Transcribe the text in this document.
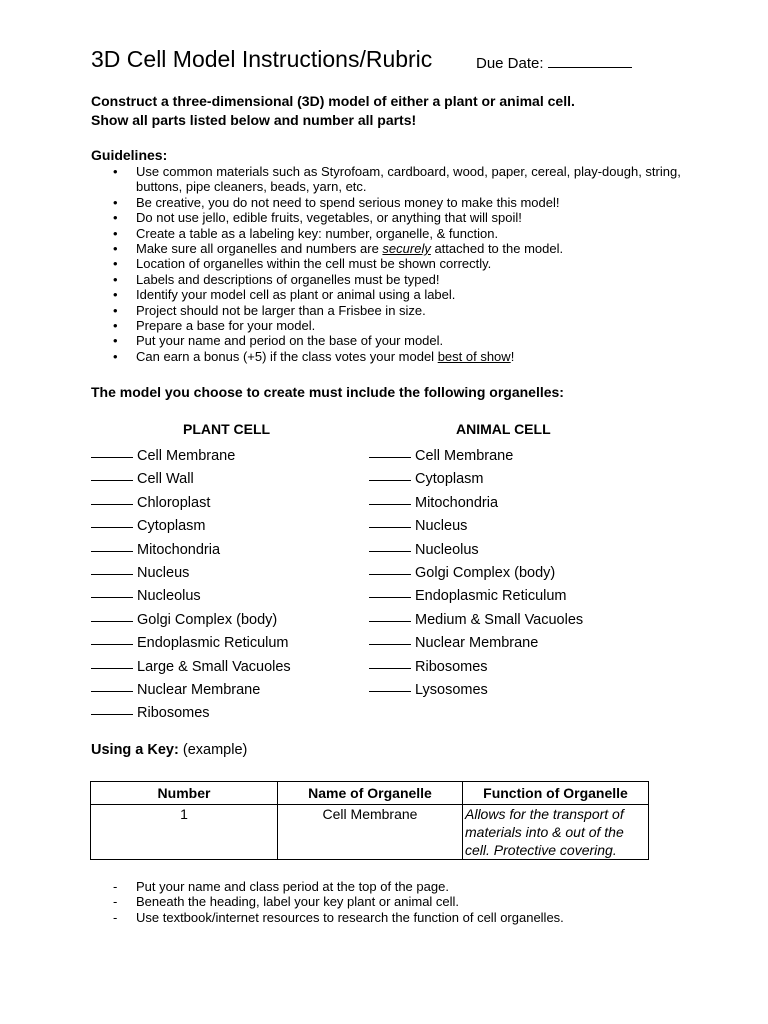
3D Cell Model Instructions/Rubric	Due Date:
Construct a three-dimensional (3D) model of either a plant or animal cell.
Show all parts listed below and number all parts!
Guidelines:
• Use common materials such as Styrofoam, cardboard, wood, paper, cereal, play-dough, string, buttons, pipe cleaners, beads, yarn, etc.
• Be creative, you do not need to spend serious money to make this model!
• Do not use jello, edible fruits, vegetables, or anything that will spoil!
• Create a table as a labeling key: number, organelle, & function.
• Make sure all organelles and numbers are securely attached to the model.
• Location of organelles within the cell must be shown correctly.
• Labels and descriptions of organelles must be typed!
• Identify your model cell as plant or animal using a label.
• Project should not be larger than a Frisbee in size.
• Prepare a base for your model.
• Put your name and period on the base of your model.
• Can earn a bonus (+5) if the class votes your model best of show!
The model you choose to create must include the following organelles:
PLANT CELL
Cell Membrane
Cell Wall
Chloroplast
Cytoplasm
Mitochondria
Nucleus
Nucleolus
Golgi Complex (body)
Endoplasmic Reticulum
Large & Small Vacuoles
Nuclear Membrane
Ribosomes
ANIMAL CELL
Cell Membrane
Cytoplasm
Mitochondria
Nucleus
Nucleolus
Golgi Complex (body)
Endoplasmic Reticulum
Medium & Small Vacuoles
Nuclear Membrane
Ribosomes
Lysosomes
Using a Key: (example)
Number	Name of Organelle	Function of Organelle
1	Cell Membrane	Allows for the transport of materials into & out of the cell. Protective covering.
- Put your name and class period at the top of the page.
- Beneath the heading, label your key plant or animal cell.
- Use textbook/internet resources to research the function of cell organelles.
